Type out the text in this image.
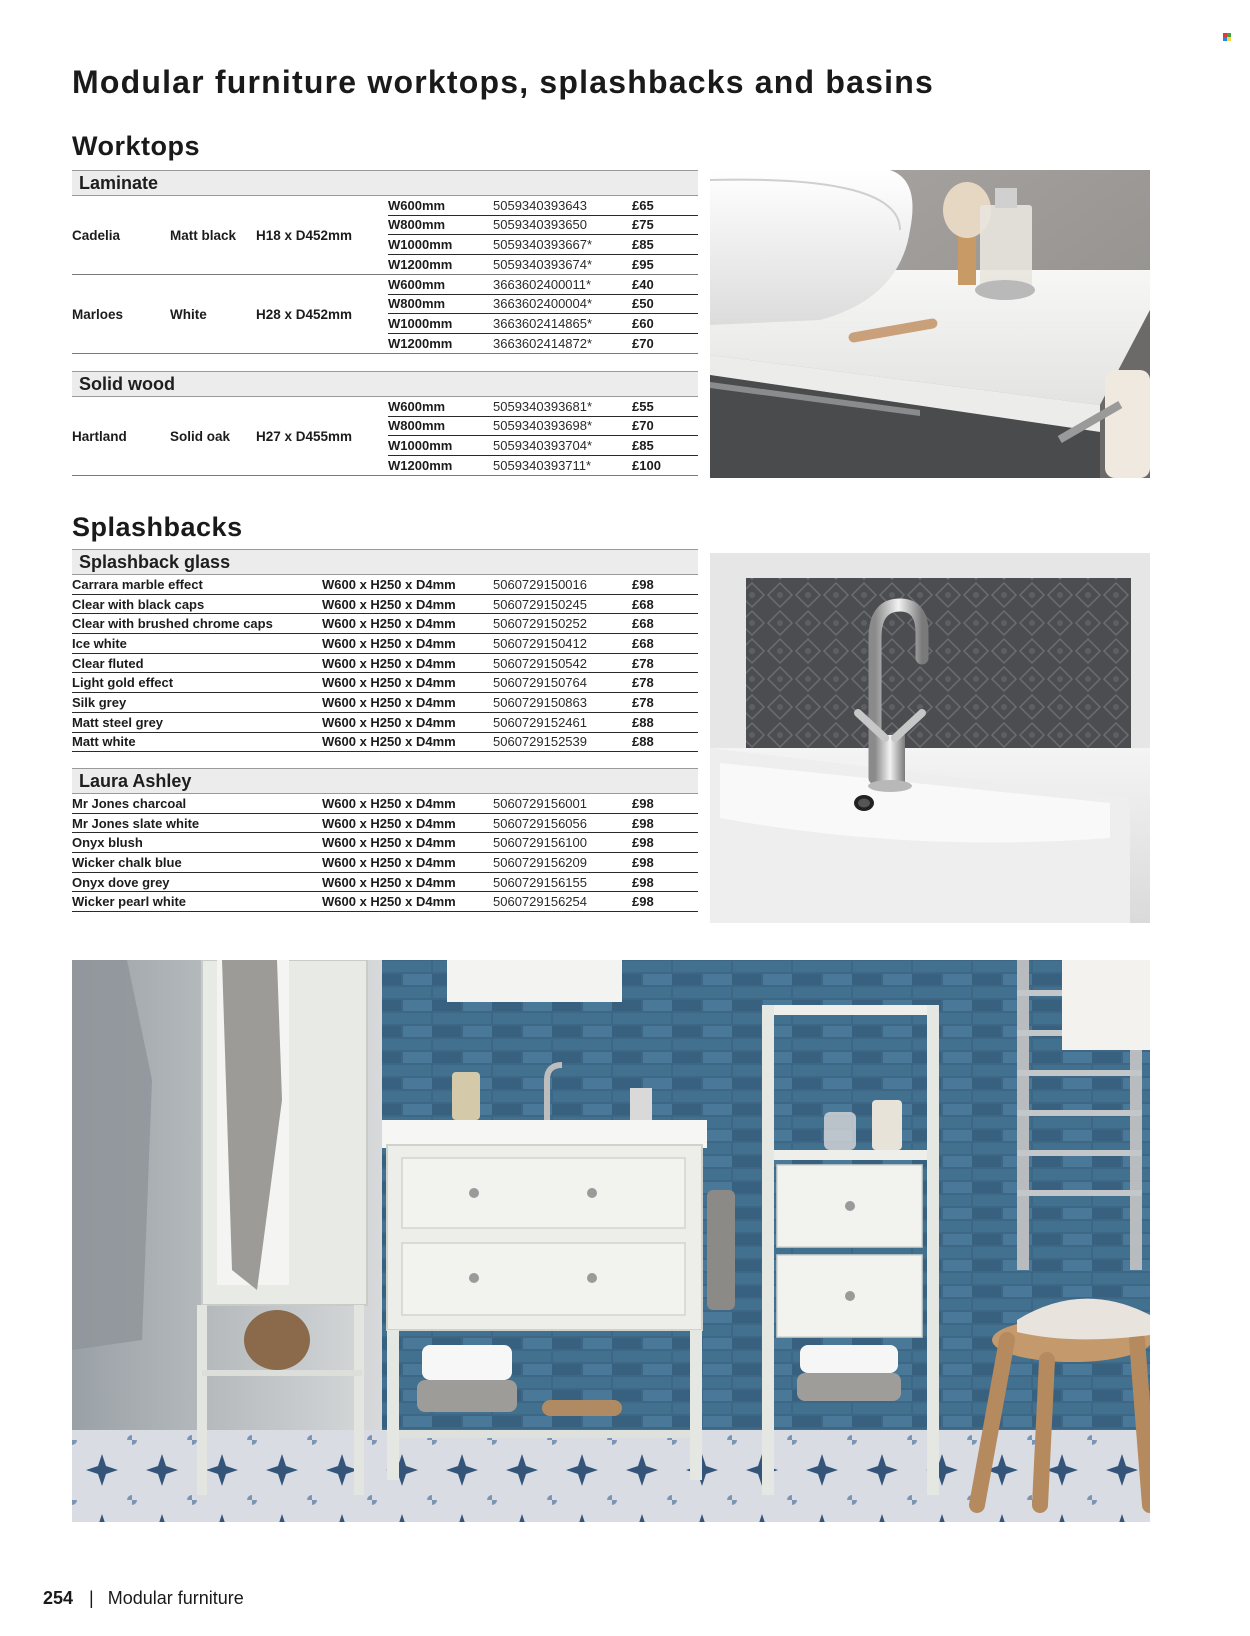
Modular furniture worktops, splashbacks and basins
Worktops
Laminate
Cadelia	Matt black	H18 x D452mm
W600mm	5059340393643	£65
W800mm	5059340393650	£75
W1000mm	5059340393667*	£85
W1200mm	5059340393674*	£95
Marloes	White	H28 x D452mm
W600mm	3663602400011*	£40
W800mm	3663602400004*	£50
W1000mm	3663602414865*	£60
W1200mm	3663602414872*	£70
Solid wood
Hartland	Solid oak	H27 x D455mm
W600mm	5059340393681*	£55
W800mm	5059340393698*	£70
W1000mm	5059340393704*	£85
W1200mm	5059340393711*	£100
Splashbacks
Splashback glass
Carrara marble effect	W600 x H250 x D4mm	5060729150016	£98
Clear with black caps	W600 x H250 x D4mm	5060729150245	£68
Clear with brushed chrome caps	W600 x H250 x D4mm	5060729150252	£68
Ice white	W600 x H250 x D4mm	5060729150412	£68
Clear fluted	W600 x H250 x D4mm	5060729150542	£78
Light gold effect	W600 x H250 x D4mm	5060729150764	£78
Silk grey	W600 x H250 x D4mm	5060729150863	£78
Matt steel grey	W600 x H250 x D4mm	5060729152461	£88
Matt white	W600 x H250 x D4mm	5060729152539	£88
Laura Ashley
Mr Jones charcoal	W600 x H250 x D4mm	5060729156001	£98
Mr Jones slate white	W600 x H250 x D4mm	5060729156056	£98
Onyx blush	W600 x H250 x D4mm	5060729156100	£98
Wicker chalk blue	W600 x H250 x D4mm	5060729156209	£98
Onyx dove grey	W600 x H250 x D4mm	5060729156155	£98
Wicker pearl white	W600 x H250 x D4mm	5060729156254	£98
254 | Modular furniture
